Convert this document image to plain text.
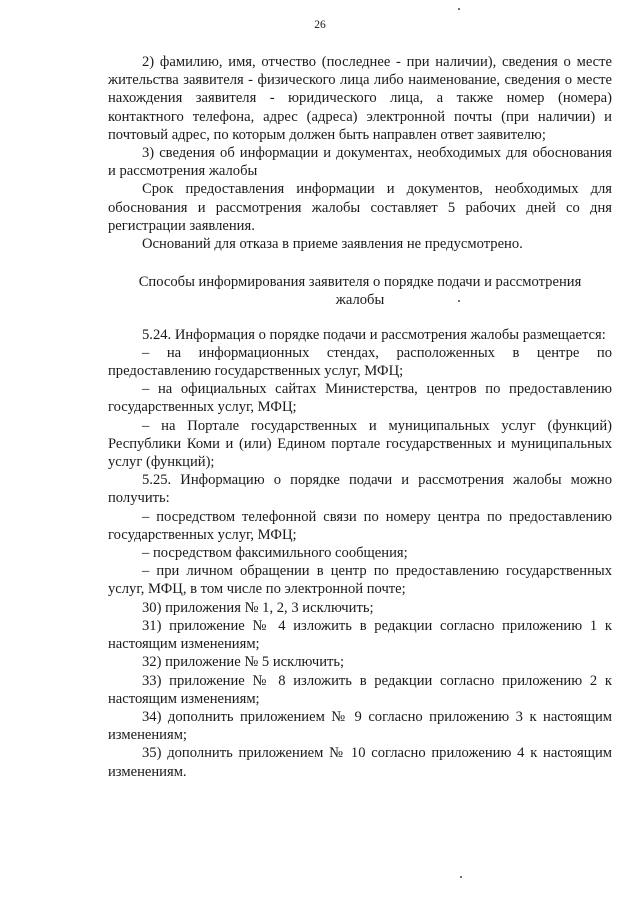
26

2) фамилию, имя, отчество (последнее - при наличии), сведения о месте жительства заявителя - физического лица либо наименование, сведения о месте нахождения заявителя - юридического лица, а также номер (номера) контактного телефона, адрес (адреса) электронной почты (при наличии) и почтовый адрес, по которым должен быть направлен ответ заявителю;

3) сведения об информации и документах, необходимых для обоснования и рассмотрения жалобы

Срок предоставления информации и документов, необходимых для обоснования и рассмотрения жалобы составляет 5 рабочих дней со дня регистрации заявления.

Оснований для отказа в приеме заявления не предусмотрено.

Способы информирования заявителя о порядке подачи и рассмотрения жалобы

5.24. Информация о порядке подачи и рассмотрения жалобы размещается:

– на информационных стендах, расположенных в центре по предоставлению государственных услуг, МФЦ;

– на официальных сайтах Министерства, центров по предоставлению государственных услуг, МФЦ;

– на Портале государственных и муниципальных услуг (функций) Республики Коми и (или) Едином портале государственных и муниципальных услуг (функций);

5.25. Информацию о порядке подачи и рассмотрения жалобы можно получить:

– посредством телефонной связи по номеру центра по предоставлению государственных услуг, МФЦ;

– посредством факсимильного сообщения;

– при личном обращении в центр по предоставлению государственных услуг, МФЦ, в том числе по электронной почте;

30) приложения № 1, 2, 3 исключить;

31) приложение № 4 изложить в редакции согласно приложению 1 к настоящим изменениям;

32) приложение № 5 исключить;

33) приложение № 8 изложить в редакции согласно приложению 2 к настоящим изменениям;

34) дополнить приложением № 9 согласно приложению 3 к настоящим изменениям;

35) дополнить приложением № 10 согласно приложению 4 к настоящим изменениям.
